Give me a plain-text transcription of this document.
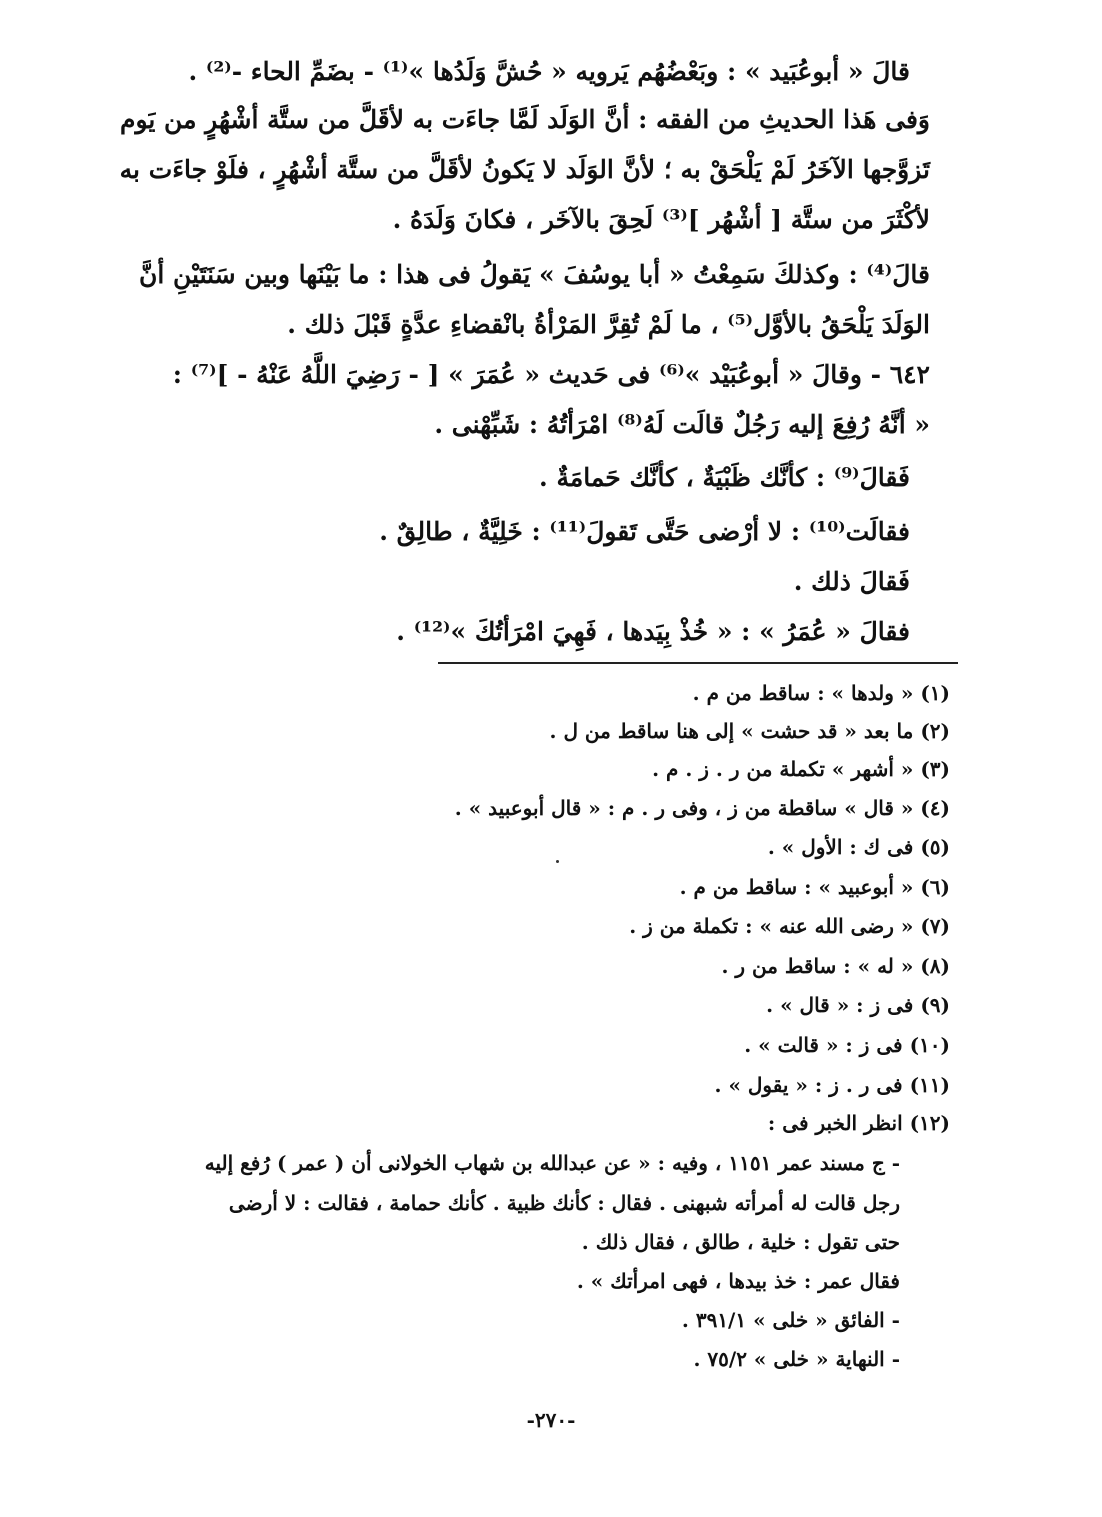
قالَ « أبوعُبَيد » : وبَعْضُهُم يَرويه « حُشَّ وَلَدُها »⁽¹⁾ - بضَمِّ الحاء -⁽²⁾ .
وَفى هَذا الحديثِ من الفقه : أنَّ الوَلَد لَمَّا جاءَت به لأقَلَّ من ستَّة أشْهُرٍ من يَوم
تَزوَّجها الآخَرُ لَمْ يَلْحَقْ به ؛ لأنَّ الوَلَد لا يَكونُ لأقَلَّ من ستَّة أشْهُرٍ ، فلَوْ جاءَت به
لأكْثَرَ من ستَّة [ أشْهُر ]⁽³⁾ لَحِقَ بالآخَر ، فكانَ وَلَدَهُ .
قالَ⁽⁴⁾ : وكذلكَ سَمِعْتُ « أبا يوسُفَ » يَقولُ فى هذا : ما بَيْنَها وبين سَنَتَيْنِ أنَّ
الوَلَدَ يَلْحَقُ بالأوَّل⁽⁵⁾ ، ما لَمْ تُقِرَّ المَرْأةُ بانْقضاءِ عدَّةٍ قَبْلَ ذلك .
٦٤٢ - وقالَ « أبوعُبَيْد »⁽⁶⁾ فى حَديث « عُمَرَ » [ - رَضِيَ اللَّهُ عَنْهُ - ]⁽⁷⁾ :
« أنَّهُ رُفِعَ إليه رَجُلٌ قالَت لَهُ⁽⁸⁾ امْرَأتُهُ : شَبِّهْنى .
فَقالَ⁽⁹⁾ : كأنَّك ظَبْيَةٌ ، كأنَّك حَمامَةٌ .
فقالَت⁽¹⁰⁾ : لا أرْضى حَتَّى تَقولَ⁽¹¹⁾ : خَلِيَّةٌ ، طالِقٌ .
فَقالَ ذلك .
فقالَ « عُمَرُ » : « خُذْ بِيَدها ، فَهِيَ امْرَأتُكَ »⁽¹²⁾ .
(١) « ولدها » : ساقط من م .
(٢) ما بعد « قد حشت » إلى هنا ساقط من ل .
(٣) « أشهر » تكملة من ر . ز . م .
(٤) « قال » ساقطة من ز ، وفى ر . م : « قال أبوعبيد » .
(٥) فى ك : الأول » .
(٦) « أبوعبيد » : ساقط من م .
(٧) « رضى الله عنه » : تكملة من ز .
(٨) « له » : ساقط من ر .
(٩) فى ز : « قال » .
(١٠) فى ز : « قالت » .
(١١) فى ر . ز : « يقول » .
(١٢) انظر الخبر فى :
- ج مسند عمر ١١٥١ ، وفيه : « عن عبدالله بن شهاب الخولانى أن ( عمر ) رُفع إليه
رجل قالت له أمرأته شبهنى . فقال : كأنك ظبية . كأنك حمامة ، فقالت : لا أرضى
حتى تقول : خلية ، طالق ، فقال ذلك .
فقال عمر : خذ بيدها ، فهى امرأتك » .
- الفائق « خلى » ٣٩١/١ .
- النهاية « خلى » ٧٥/٢ .
-٢٧٠-
